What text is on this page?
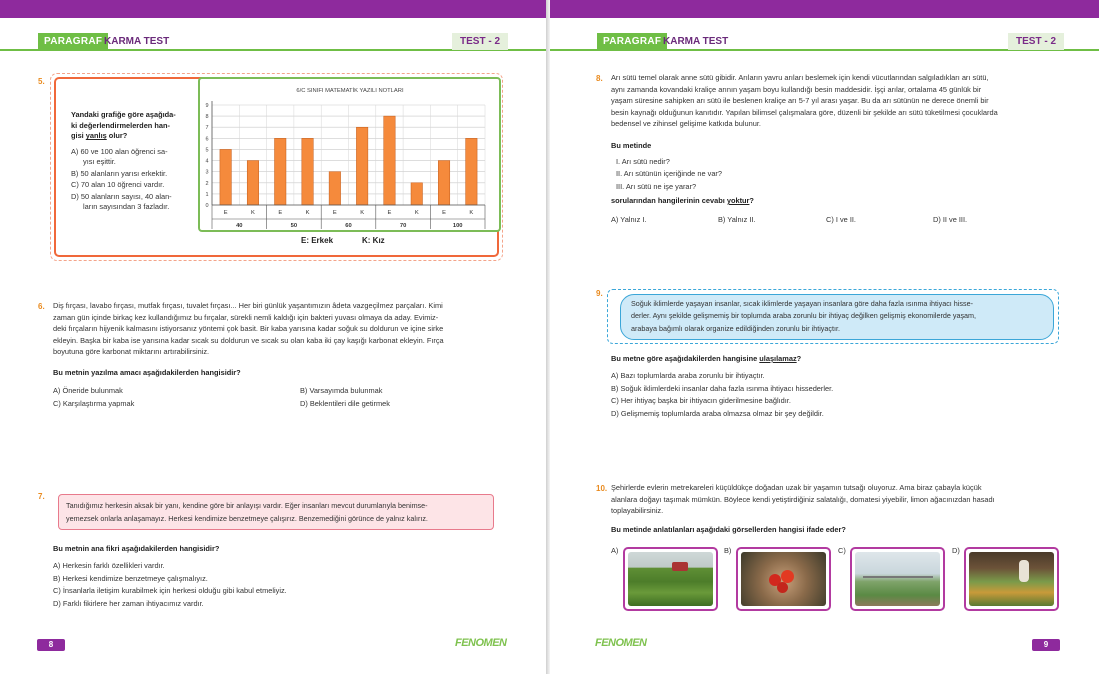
PARAGRAF KARMA TEST	TEST - 2
5.
Yandaki grafiğe göre aşağıda-
ki değerlendirmelerden han-
gisi yanlış olur?
A) 60 ve 100 alan öğrenci sa-
yısı eşittir.
B) 50 alanların yarısı erkektir.
C) 70 alan 10 öğrenci vardır.
D) 50 alanların sayısı, 40 alan-
ların sayısından 3 fazladır.
6/C SINIFI MATEMATİK YAZILI NOTLARI
0
1
2
3
4
5
6
7
8
9
E	K	E	K	E	K	E	K	E	K
40	50	60	70	100
E: Erkek	K: Kız
6. Diş fırçası, lavabo fırçası, mutfak fırçası, tuvalet fırçası... Her biri günlük yaşantımızın âdeta vazgeçilmez parçaları. Kimi
zaman gün içinde birkaç kez kullandığımız bu fırçalar, sürekli nemli kaldığı için bakteri yuvası olmaya da aday. Evimiz-
deki fırçaların hijyenik kalmasını istiyorsanız yöntemi çok basit. Bir kaba yarısına kadar soğuk su doldurun ve içine sirke
ekleyin. Başka bir kaba ise yarısına kadar sıcak su doldurun ve sıcak su olan kaba iki çay kaşığı karbonat ekleyin. Fırça
boyutuna göre karbonat miktarını artırabilirsiniz.
Bu metnin yazılma amacı aşağıdakilerden hangisidir?
A) Öneride bulunmak	B) Varsayımda bulunmak
C) Karşılaştırma yapmak	D) Beklentileri dile getirmek
7.
Tanıdığımız herkesin aksak bir yanı, kendine göre bir anlayışı vardır. Eğer insanları mevcut durumlarıyla benimse-
yemezsek onlarla anlaşamayız. Herkesi kendimize benzetmeye çalışırız. Benzemediğini görünce de yalnız kalırız.
Bu metnin ana fikri aşağıdakilerden hangisidir?
A) Herkesin farklı özellikleri vardır.
B) Herkesi kendimize benzetmeye çalışmalıyız.
C) İnsanlarla iletişim kurabilmek için herkesi olduğu gibi kabul etmeliyiz.
D) Farklı fikirlere her zaman ihtiyacımız vardır.
8	FENOMEN
PARAGRAF KARMA TEST	TEST - 2
8. Arı sütü temel olarak anne sütü gibidir. Arıların yavru arıları beslemek için kendi vücutlarından salgıladıkları arı sütü,
aynı zamanda kovandaki kraliçe arının yaşam boyu kullandığı besin maddesidir. İşçi arılar, ortalama 45 günlük bir
yaşam süresine sahipken arı sütü ile beslenen kraliçe arı 5-7 yıl arası yaşar. Bu da arı sütünün ne derece önemli bir
besin kaynağı olduğunun kanıtıdır. Yapılan bilimsel çalışmalara göre, düzenli bir şekilde arı sütü tüketilmesi çocuklarda
bedensel ve zihinsel gelişime katkıda bulunur.
Bu metinde
I. Arı sütü nedir?
II. Arı sütünün içeriğinde ne var?
III. Arı sütü ne işe yarar?
sorularından hangilerinin cevabı yoktur?
A) Yalnız I.	B) Yalnız II.	C) I ve II.	D) II ve III.
9.
Soğuk iklimlerde yaşayan insanlar, sıcak iklimlerde yaşayan insanlara göre daha fazla ısınma ihtiyacı hisse-
derler. Aynı şekilde gelişmemiş bir toplumda araba zorunlu bir ihtiyaç değilken gelişmiş ekonomilerde yaşam,
arabaya bağımlı olarak organize edildiğinden zorunlu bir ihtiyaçtır.
Bu metne göre aşağıdakilerden hangisine ulaşılamaz?
A) Bazı toplumlarda araba zorunlu bir ihtiyaçtır.
B) Soğuk iklimlerdeki insanlar daha fazla ısınma ihtiyacı hissederler.
C) Her ihtiyaç başka bir ihtiyacın giderilmesine bağlıdır.
D) Gelişmemiş toplumlarda araba olmazsa olmaz bir şey değildir.
10. Şehirlerde evlerin metrekareleri küçüldükçe doğadan uzak bir yaşamın tutsağı oluyoruz. Ama biraz çabayla küçük
alanlara doğayı taşımak mümkün. Böylece kendi yetiştirdiğiniz salatalığı, domatesi yiyebilir, limon ağacınızdan hasadı
toplayabilirsiniz.
Bu metinde anlatılanları aşağıdaki görsellerden hangisi ifade eder?
A)	B)	C)	D)
FENOMEN	9
